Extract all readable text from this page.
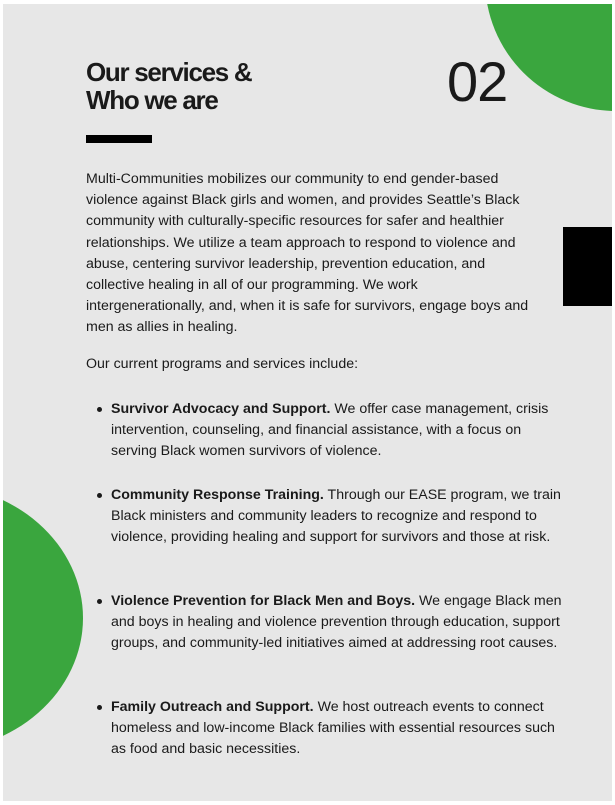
Our services &
Who we are	02

Multi-Communities mobilizes our community to end gender-based violence against Black girls and women, and provides Seattle’s Black community with culturally-specific resources for safer and healthier relationships. We utilize a team approach to respond to violence and abuse, centering survivor leadership, prevention education, and collective healing in all of our programming. We work intergenerationally, and, when it is safe for survivors, engage boys and men as allies in healing.

Our current programs and services include:

Survivor Advocacy and Support. We offer case management, crisis intervention, counseling, and financial assistance, with a focus on serving Black women survivors of violence.
Community Response Training. Through our EASE program, we train Black ministers and community leaders to recognize and respond to violence, providing healing and support for survivors and those at risk.
Violence Prevention for Black Men and Boys. We engage Black men and boys in healing and violence prevention through education, support groups, and community-led initiatives aimed at addressing root causes.
Family Outreach and Support. We host outreach events to connect homeless and low-income Black families with essential resources such as food and basic necessities.
